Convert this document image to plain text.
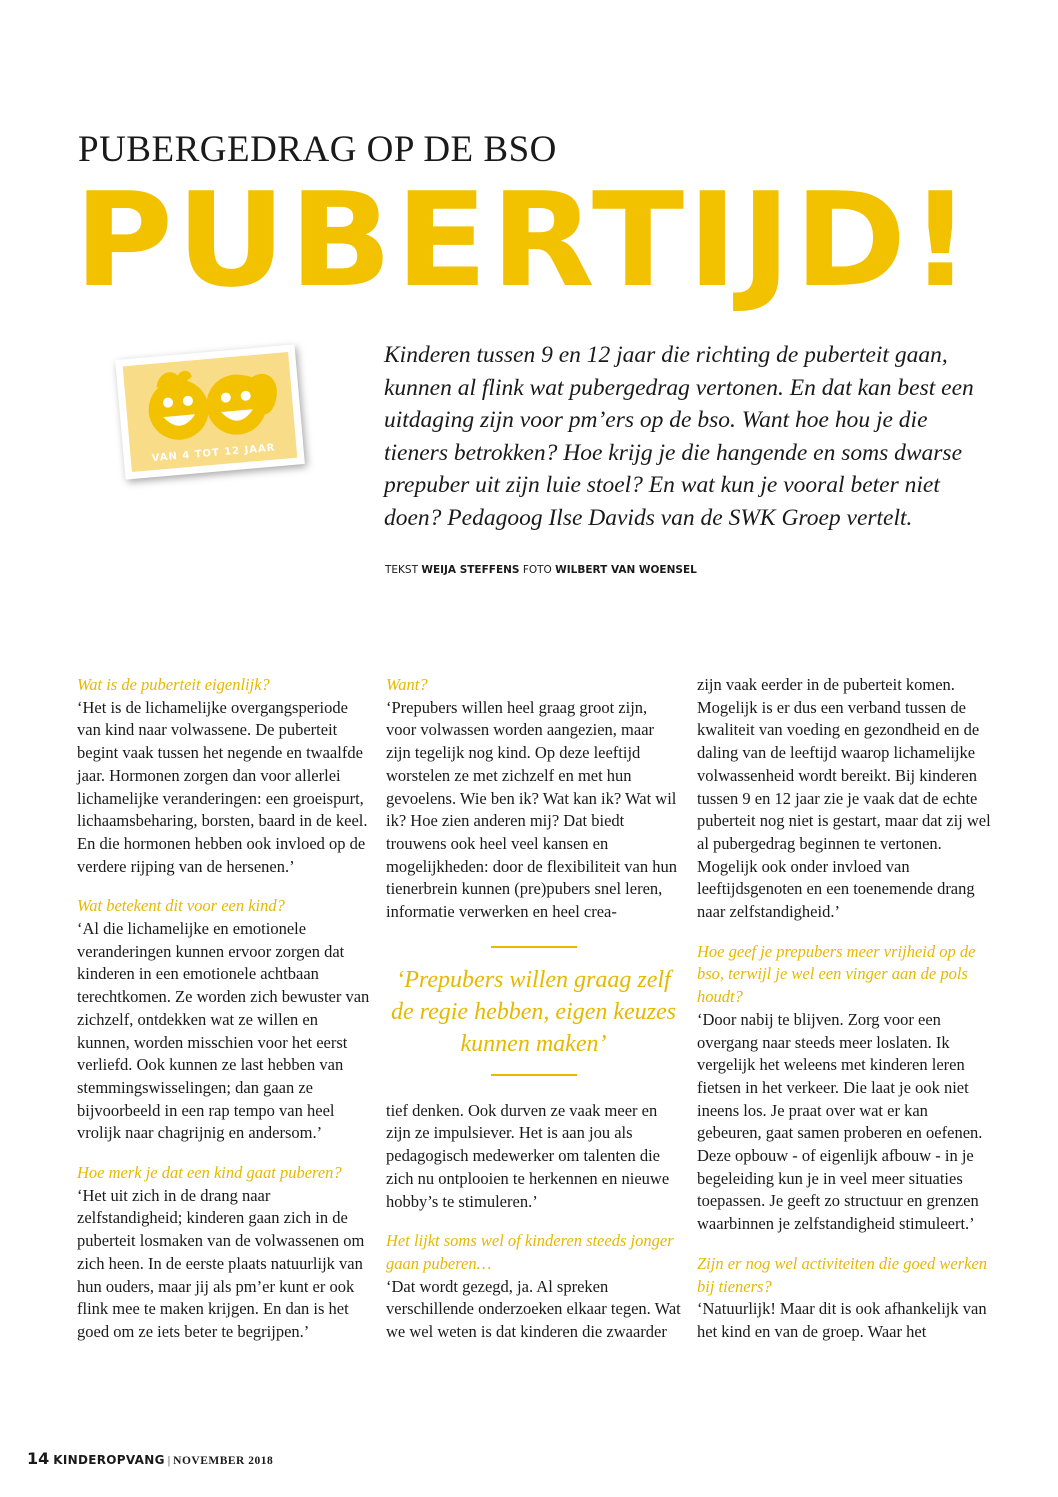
PUBERGEDRAG OP DE BSO
PUBERTIJD!
VAN 4 TOT 12 JAAR
Kinderen tussen 9 en 12 jaar die richting de puberteit gaan, kunnen al flink wat pubergedrag vertonen. En dat kan best een uitdaging zijn voor pm’ers op de bso. Want hoe hou je die tieners betrokken? Hoe krijg je die hangende en soms dwarse prepuber uit zijn luie stoel? En wat kun je vooral beter niet doen? Pedagoog Ilse Davids van de SWK Groep vertelt.
TEKST WEIJA STEFFENS FOTO WILBERT VAN WOENSEL
Wat is de puberteit eigenlijk?
‘Het is de lichamelijke overgangsperiode van kind naar volwassene. De puberteit begint vaak tussen het negende en twaalfde jaar. Hormonen zorgen dan voor allerlei lichamelijke veranderingen: een groeispurt, lichaamsbeharing, borsten, baard in de keel. En die hormonen hebben ook invloed op de verdere rijping van de hersenen.’
Wat betekent dit voor een kind?
‘Al die lichamelijke en emotionele veranderingen kunnen ervoor zorgen dat kinderen in een emotionele achtbaan terechtkomen. Ze worden zich bewuster van zichzelf, ontdekken wat ze willen en kunnen, worden misschien voor het eerst verliefd. Ook kunnen ze last hebben van stemmingswisselingen; dan gaan ze bijvoorbeeld in een rap tempo van heel vrolijk naar chagrijnig en andersom.’
Hoe merk je dat een kind gaat puberen?
‘Het uit zich in de drang naar zelfstandigheid; kinderen gaan zich in de puberteit losmaken van de volwassenen om zich heen. In de eerste plaats natuurlijk van hun ouders, maar jij als pm’er kunt er ook flink mee te maken krijgen. En dan is het goed om ze iets beter te begrijpen.’
Want?
‘Prepubers willen heel graag groot zijn, voor volwassen worden aangezien, maar zijn tegelijk nog kind. Op deze leeftijd worstelen ze met zichzelf en met hun gevoelens. Wie ben ik? Wat kan ik? Wat wil ik? Hoe zien anderen mij? Dat biedt trouwens ook heel veel kansen en mogelijkheden: door de flexibiliteit van hun tienerbrein kunnen (pre)pubers snel leren, informatie verwerken en heel crea-
‘Prepubers willen graag zelf de regie hebben, eigen keuzes kunnen maken’
tief denken. Ook durven ze vaak meer en zijn ze impulsiever. Het is aan jou als pedagogisch medewerker om talenten die zich nu ontplooien te herkennen en nieuwe hobby’s te stimuleren.’
Het lijkt soms wel of kinderen steeds jonger gaan puberen…
‘Dat wordt gezegd, ja. Al spreken verschillende onderzoeken elkaar tegen. Wat we wel weten is dat kinderen die zwaarder
zijn vaak eerder in de puberteit komen. Mogelijk is er dus een verband tussen de kwaliteit van voeding en gezondheid en de daling van de leeftijd waarop lichamelijke volwassenheid wordt bereikt. Bij kinderen tussen 9 en 12 jaar zie je vaak dat de echte puberteit nog niet is gestart, maar dat zij wel al pubergedrag beginnen te vertonen. Mogelijk ook onder invloed van leeftijdsgenoten en een toenemende drang naar zelfstandigheid.’
Hoe geef je prepubers meer vrijheid op de bso, terwijl je wel een vinger aan de pols houdt?
‘Door nabij te blijven. Zorg voor een overgang naar steeds meer loslaten. Ik vergelijk het weleens met kinderen leren fietsen in het verkeer. Die laat je ook niet ineens los. Je praat over wat er kan gebeuren, gaat samen proberen en oefenen. Deze opbouw - of eigenlijk afbouw - in je begeleiding kun je in veel meer situaties toepassen. Je geeft zo structuur en grenzen waarbinnen je zelfstandigheid stimuleert.’
Zijn er nog wel activiteiten die goed werken bij tieners?
‘Natuurlijk! Maar dit is ook afhankelijk van het kind en van de groep. Waar het
14 KINDEROPVANG | NOVEMBER 2018
